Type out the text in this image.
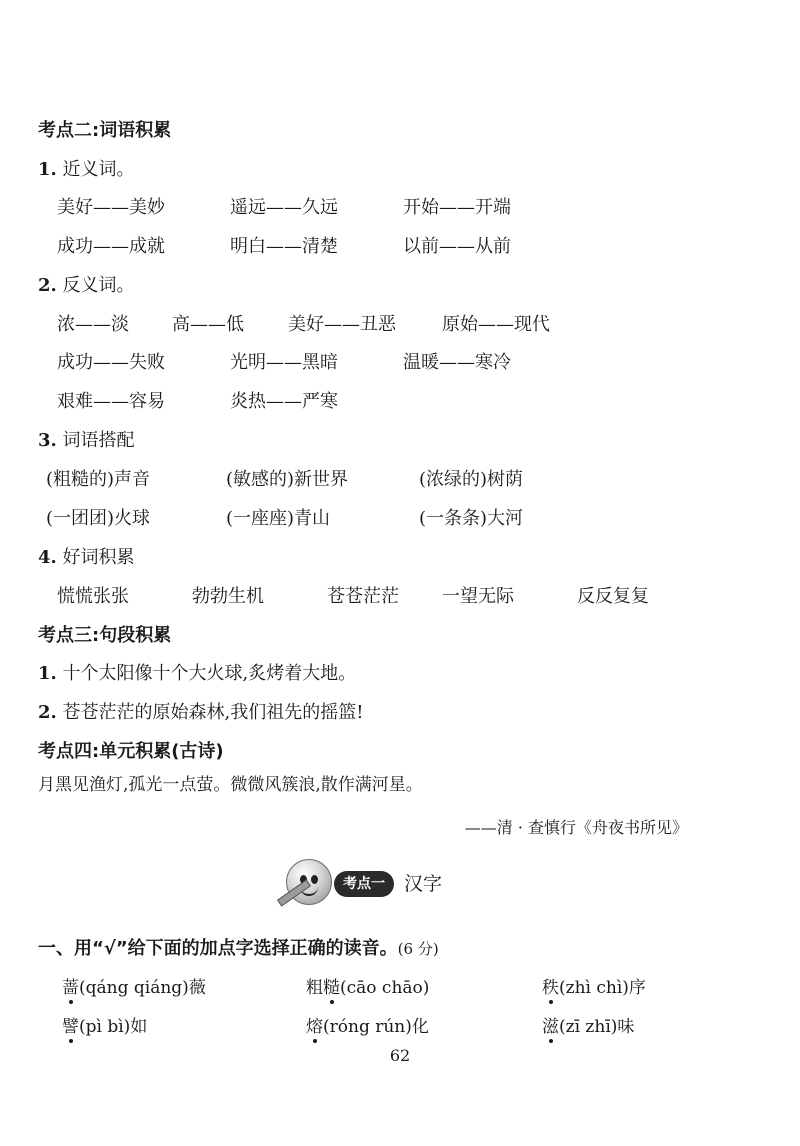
考点二:词语积累
1. 近义词。
美好——美妙	遥远——久远	开始——开端
成功——成就	明白——清楚	以前——从前
2. 反义词。
浓——淡 高——低 美好——丑恶	原始——现代
成功——失败	光明——黑暗	温暖——寒冷
艰难——容易	炎热——严寒
3. 词语搭配
(粗糙的)声音	(敏感的)新世界	(浓绿的)树荫
(一团团)火球	(一座座)青山	(一条条)大河
4. 好词积累
慌慌张张	勃勃生机	苍苍茫茫 一望无际	反反复复
考点三:句段积累
1. 十个太阳像十个大火球,炙烤着大地。
2. 苍苍茫茫的原始森林,我们祖先的摇篮!
考点四:单元积累(古诗)
月黑见渔灯,孤光一点萤。微微风簇浪,散作满河星。
——清 · 查慎行《舟夜书所见》
考点一	汉字
一、用“√”给下面的加点字选择正确的读音。(6 分)
蔷(qáng qiáng)薇	粗糙(cāo chāo)	秩(zhì chì)序
譬(pì bì)如	熔(róng rún)化	滋(zī zhī)味
62
